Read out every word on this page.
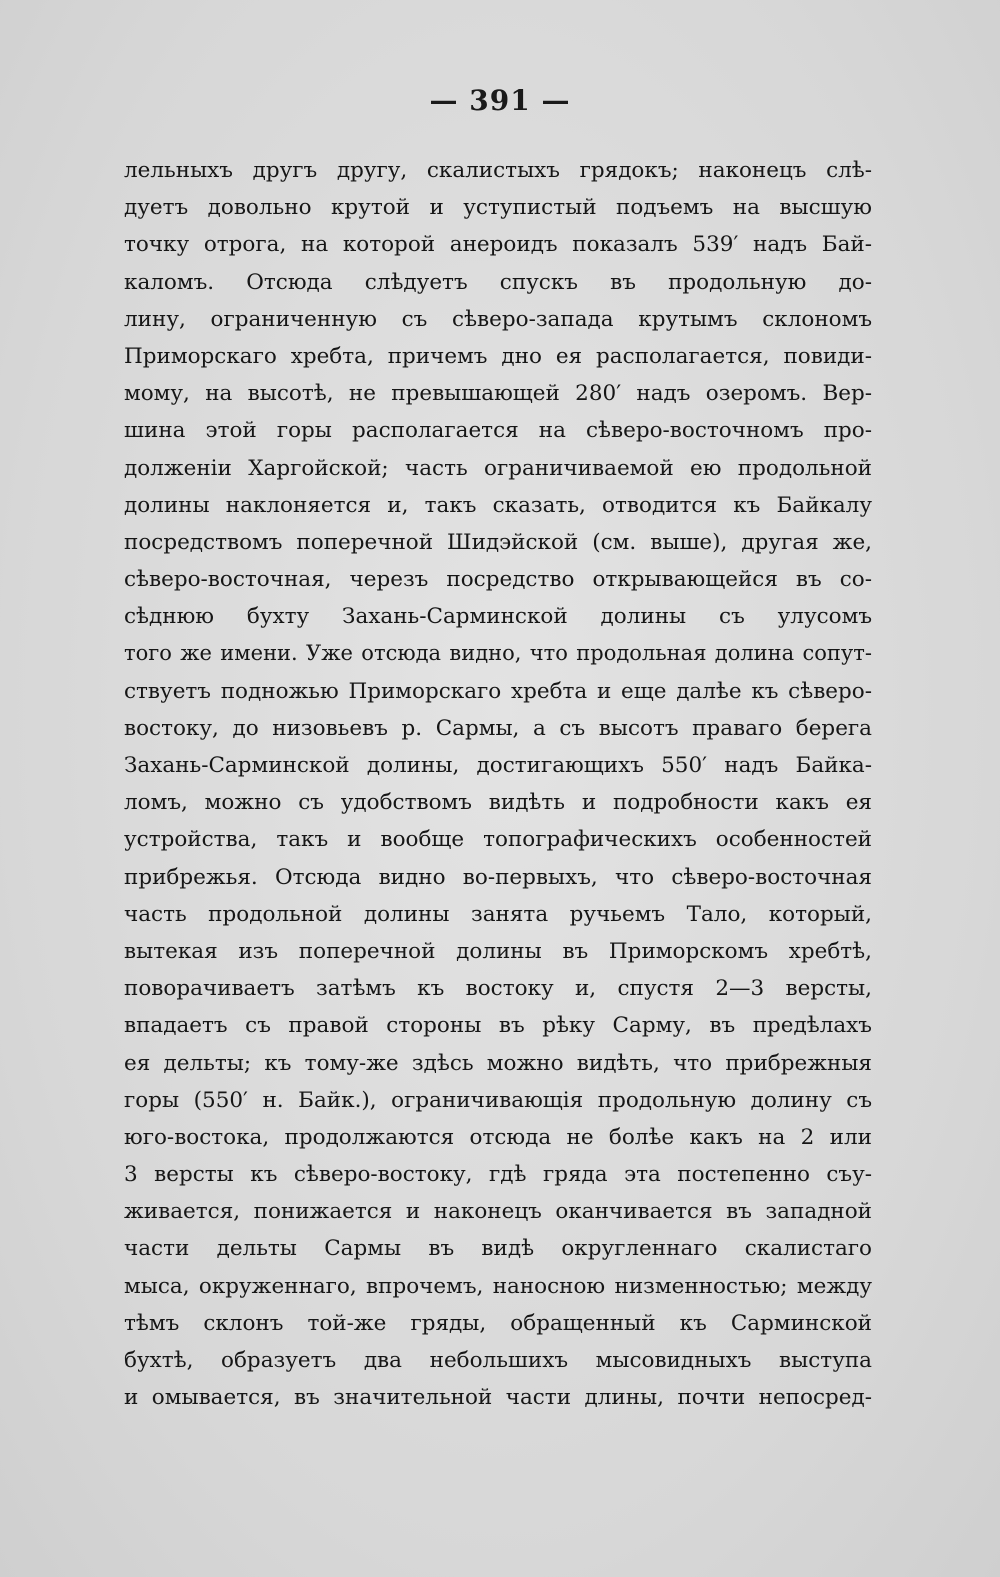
— 391 —
лельныхъ другъ другу, скалистыхъ грядокъ; наконецъ слѣ-
дуетъ довольно крутой и уступистый подъемъ на высшую
точку отрога, на которой анероидъ показалъ 539′ надъ Бай-
каломъ. Отсюда слѣдуетъ спускъ въ продольную до-
лину, ограниченную съ сѣверо-запада крутымъ склономъ
Приморскаго хребта, причемъ дно ея располагается, повиди-
мому, на высотѣ, не превышающей 280′ надъ озеромъ. Вер-
шина этой горы располагается на сѣверо-восточномъ про-
долженіи Харгойской; часть ограничиваемой ею продольной
долины наклоняется и, такъ сказать, отводится къ Байкалу
посредствомъ поперечной Шидэйской (см. выше), другая же,
сѣверо-восточная, черезъ посредство открывающейся въ со-
сѣднюю бухту Захань-Сарминской долины съ улусомъ
того же имени. Уже отсюда видно, что продольная долина сопут-
ствуетъ подножью Приморскаго хребта и еще далѣе къ сѣверо-
востоку, до низовьевъ р. Сармы, а съ высотъ праваго берега
Захань-Сарминской долины, достигающихъ 550′ надъ Байка-
ломъ, можно съ удобствомъ видѣть и подробности какъ ея
устройства, такъ и вообще топографическихъ особенностей
прибрежья. Отсюда видно во-первыхъ, что сѣверо-восточная
часть продольной долины занята ручьемъ Тало, который,
вытекая изъ поперечной долины въ Приморскомъ хребтѣ,
поворачиваетъ затѣмъ къ востоку и, спустя 2—3 версты,
впадаетъ съ правой стороны въ рѣку Сарму, въ предѣлахъ
ея дельты; къ тому-же здѣсь можно видѣть, что прибрежныя
горы (550′ н. Байк.), ограничивающія продольную долину съ
юго-востока, продолжаются отсюда не болѣе какъ на 2 или
3 версты къ сѣверо-востоку, гдѣ гряда эта постепенно съу-
живается, понижается и наконецъ оканчивается въ западной
части дельты Сармы въ видѣ округленнаго скалистаго
мыса, окруженнаго, впрочемъ, наносною низменностью; между
тѣмъ склонъ той-же гряды, обращенный къ Сарминской
бухтѣ, образуетъ два небольшихъ мысовидныхъ выступа
и омывается, въ значительной части длины, почти непосред-
